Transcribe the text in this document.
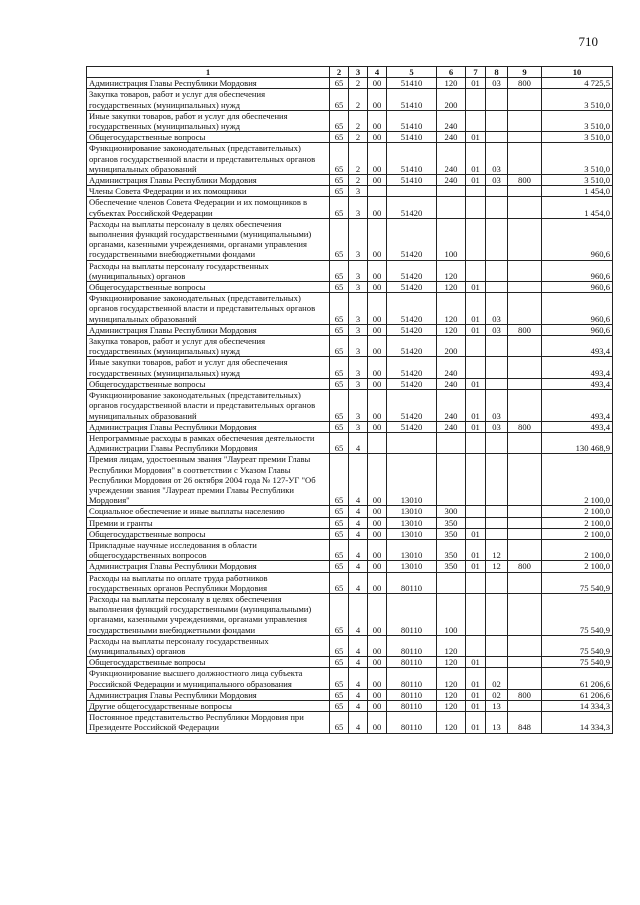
710
1	2	3	4	5	6	7	8	9	10
Администрация Главы Республики Мордовия	65	2	00	51410	120	01	03	800	4 725,5
Закупка товаров, работ и услуг для обеспечения государственных (муниципальных) нужд	65	2	00	51410	200				3 510,0
Иные закупки товаров, работ и услуг для обеспечения государственных (муниципальных) нужд	65	2	00	51410	240				3 510,0
Общегосударственные вопросы	65	2	00	51410	240	01			3 510,0
Функционирование законодательных (представительных) органов государственной власти и представительных органов муниципальных образований	65	2	00	51410	240	01	03		3 510,0
Администрация Главы Республики Мордовия	65	2	00	51410	240	01	03	800	3 510,0
Члены Совета Федерации и их помощники	65	3							1 454,0
Обеспечение членов Совета Федерации и их помощников в субъектах Российской Федерации	65	3	00	51420					1 454,0
Расходы на выплаты персоналу в целях обеспечения выполнения функций государственными (муниципальными) органами, казенными учреждениями, органами управления государственными внебюджетными фондами	65	3	00	51420	100				960,6
Расходы на выплаты персоналу государственных (муниципальных) органов	65	3	00	51420	120				960,6
Общегосударственные вопросы	65	3	00	51420	120	01			960,6
Функционирование законодательных (представительных) органов государственной власти и представительных органов муниципальных образований	65	3	00	51420	120	01	03		960,6
Администрация Главы Республики Мордовия	65	3	00	51420	120	01	03	800	960,6
Закупка товаров, работ и услуг для обеспечения государственных (муниципальных) нужд	65	3	00	51420	200				493,4
Иные закупки товаров, работ и услуг для обеспечения государственных (муниципальных) нужд	65	3	00	51420	240				493,4
Общегосударственные вопросы	65	3	00	51420	240	01			493,4
Функционирование законодательных (представительных) органов государственной власти и представительных органов муниципальных образований	65	3	00	51420	240	01	03		493,4
Администрация Главы Республики Мордовия	65	3	00	51420	240	01	03	800	493,4
Непрограммные расходы в рамках обеспечения деятельности Администрации Главы Республики Мордовия	65	4							130 468,9
Премия лицам, удостоенным звания "Лауреат премии Главы Республики Мордовия" в соответствии с Указом Главы Республики Мордовия от 26 октября 2004 года № 127-УГ "Об учреждении звания "Лауреат премии Главы Республики Мордовия"	65	4	00	13010					2 100,0
Социальное обеспечение и иные выплаты населению	65	4	00	13010	300				2 100,0
Премии и гранты	65	4	00	13010	350				2 100,0
Общегосударственные вопросы	65	4	00	13010	350	01			2 100,0
Прикладные научные исследования в области общегосударственных вопросов	65	4	00	13010	350	01	12		2 100,0
Администрация Главы Республики Мордовия	65	4	00	13010	350	01	12	800	2 100,0
Расходы на выплаты по оплате труда работников государственных органов Республики Мордовия	65	4	00	80110					75 540,9
Расходы на выплаты персоналу в целях обеспечения выполнения функций государственными (муниципальными) органами, казенными учреждениями, органами управления государственными внебюджетными фондами	65	4	00	80110	100				75 540,9
Расходы на выплаты персоналу государственных (муниципальных) органов	65	4	00	80110	120				75 540,9
Общегосударственные вопросы	65	4	00	80110	120	01			75 540,9
Функционирование высшего должностного лица субъекта Российской Федерации и муниципального образования	65	4	00	80110	120	01	02		61 206,6
Администрация Главы Республики Мордовия	65	4	00	80110	120	01	02	800	61 206,6
Другие общегосударственные вопросы	65	4	00	80110	120	01	13		14 334,3
Постоянное представительство Республики Мордовия при Президенте Российской Федерации	65	4	00	80110	120	01	13	848	14 334,3
